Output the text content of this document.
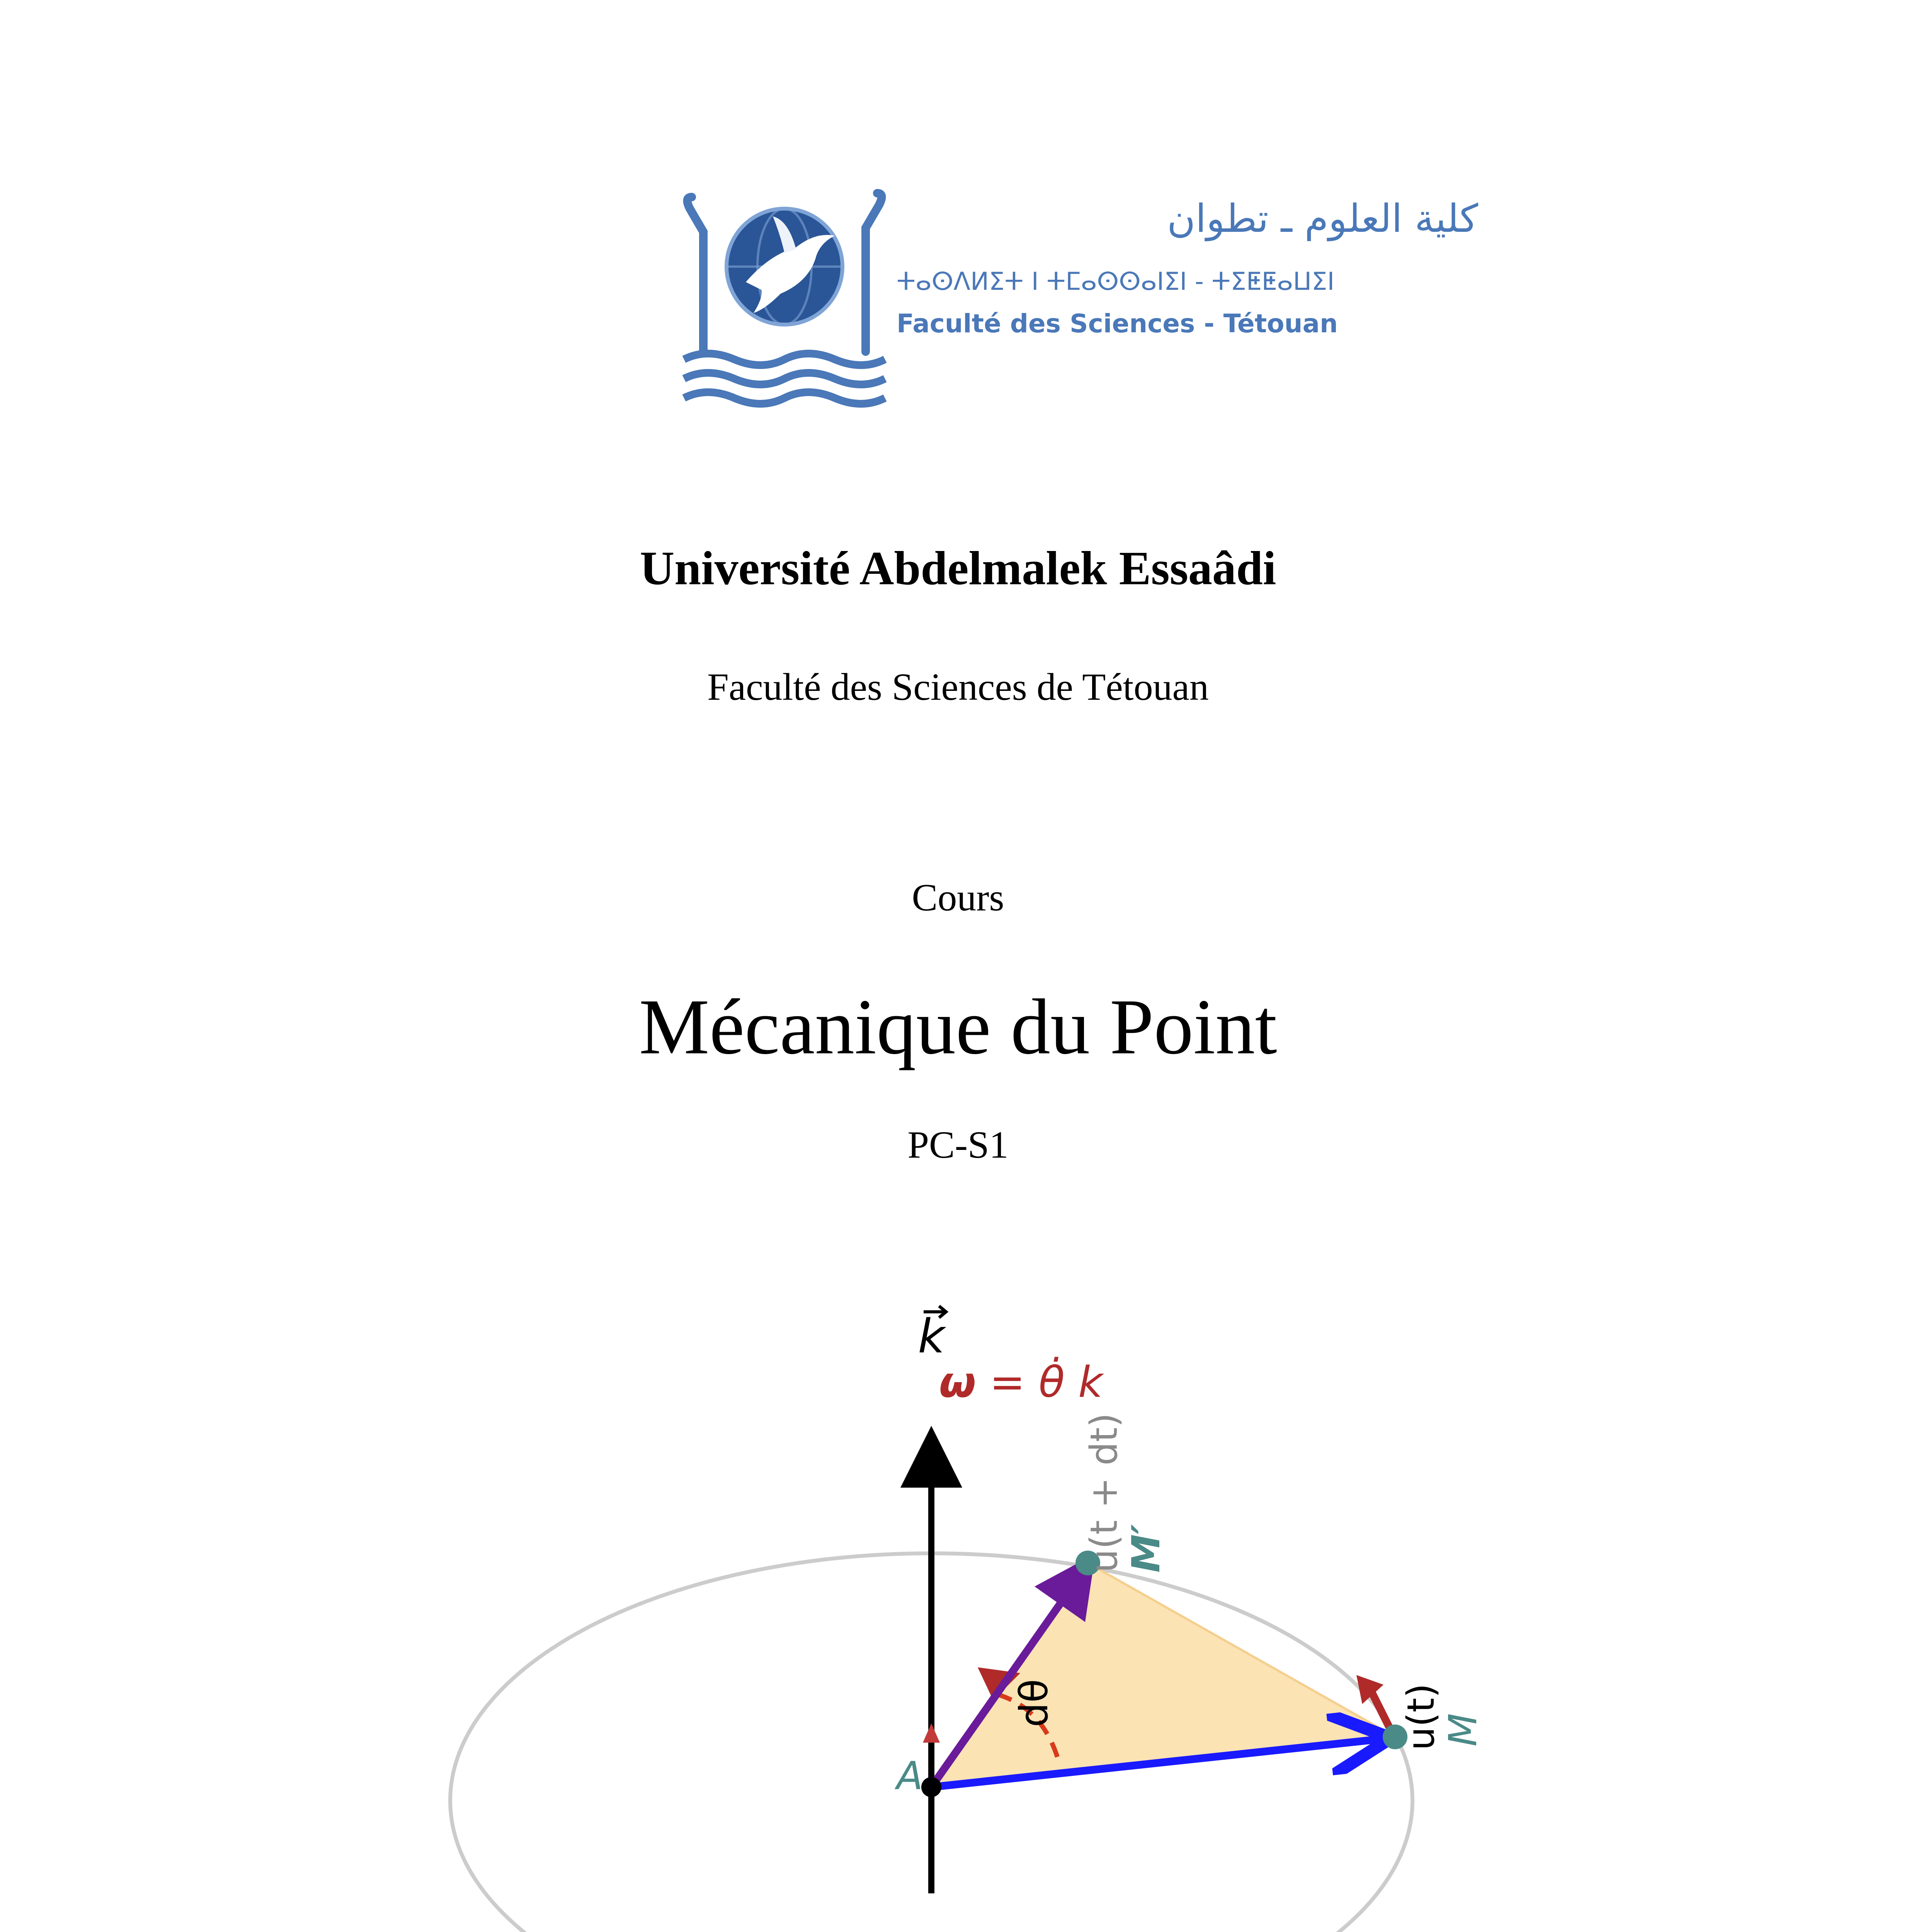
كلية العلوم ـ تطوان
ⵜⴰⵙⴷⵍⵉⵜ ⵏ ⵜⵎⴰⵙⵙⴰⵏⵉⵏ - ⵜⵉⵟⵟⴰⵡⵉⵏ
Faculté des Sciences - Tétouan
Université Abdelmalek Essaâdi
Faculté des Sciences de Tétouan
Cours
Mécanique du Point
PC-S1
k
ω = θ̇ k
u(t + dt)
M′
dθ	u(t)
M
A
